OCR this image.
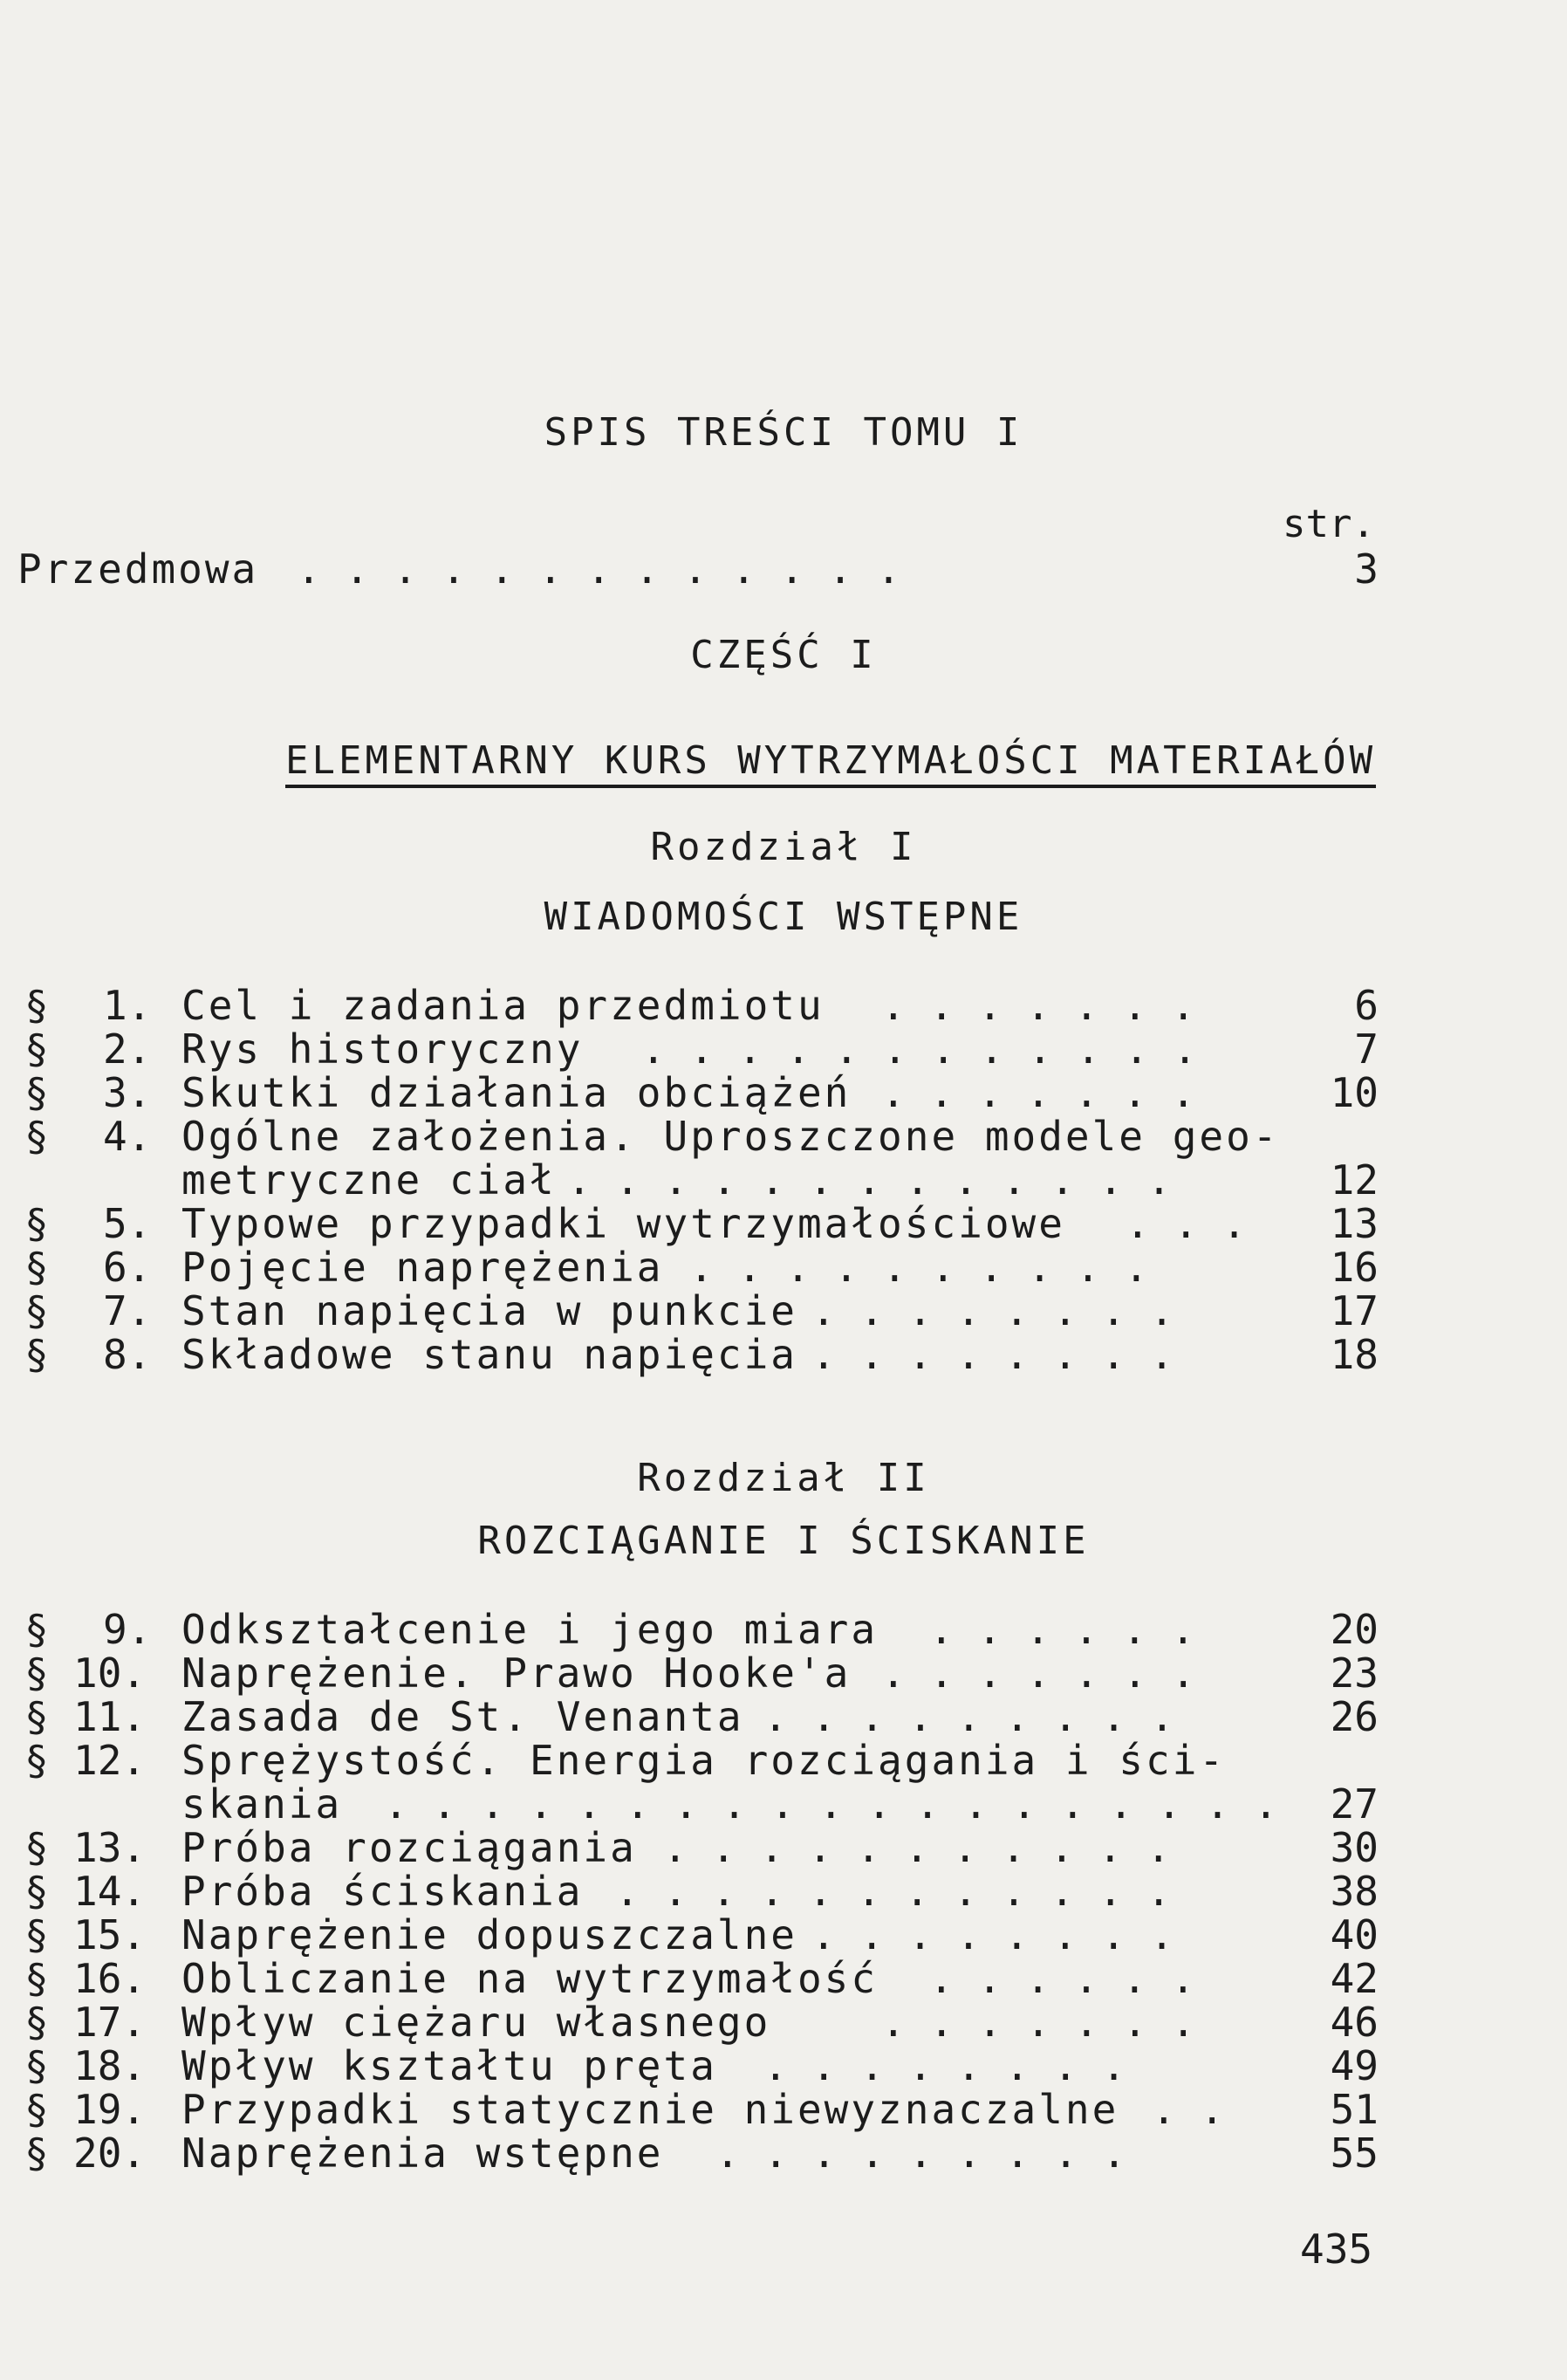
SPIS TREŚCI TOMU I
str.
Przedmowa . . . . . . . . . . . . .	3
CZĘŚĆ I

ELEMENTARNY KURS WYTRZYMAŁOŚCI MATERIAŁÓW

Rozdział I
WIADOMOŚCI WSTĘPNE
§ 1. Cel i zadania przedmiotu . . . . . . .	6
§ 2. Rys historyczny . . . . . . . . . . . .	7
§ 3. Skutki działania obciążeń . . . . . . .	10
§ 4. Ogólne założenia. Uproszczone modele geo-
metryczne ciał . . . . . . . . . . . . .	12
§ 5. Typowe przypadki wytrzymałościowe . . .	13
§ 6. Pojęcie naprężenia . . . . . . . . . .	16
§ 7. Stan napięcia w punkcie . . . . . . . .	17
§ 8. Składowe stanu napięcia . . . . . . . .	18
Rozdział II
ROZCIĄGANIE I ŚCISKANIE
§ 9. Odkształcenie i jego miara . . . . . .	20
§ 10. Naprężenie. Prawo Hooke'a . . . . . . .	23
§ 11. Zasada de St. Venanta . . . . . . . . .	26
§ 12. Sprężystość. Energia rozciągania i ści-
skania . . . . . . . . . . . . . . . . . . .	27
§ 13. Próba rozciągania . . . . . . . . . . .	30
§ 14. Próba ściskania . . . . . . . . . . . .	38
§ 15. Naprężenie dopuszczalne . . . . . . . .	40
§ 16. Obliczanie na wytrzymałość . . . . . .	42
§ 17. Wpływ ciężaru własnego	. . . . . . .	46
§ 18. Wpływ kształtu pręta . . . . . . . .	49
§ 19. Przypadki statycznie niewyznaczalne . .	51
§ 20. Naprężenia wstępne . . . . . . . . .	55
435
